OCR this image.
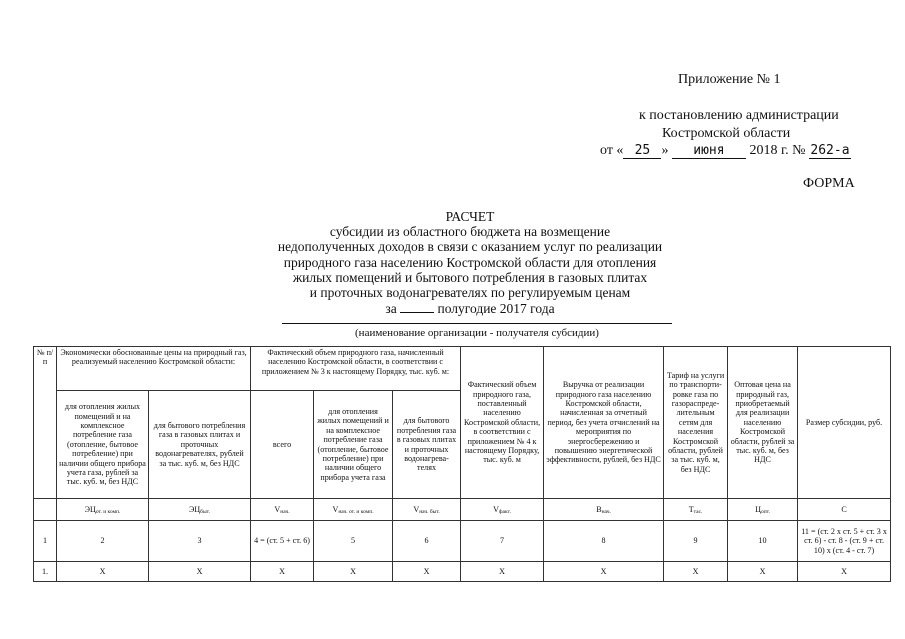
Приложение № 1
к постановлению администрации
Костромской области
от « 25 » июня 2018 г. № 262-а
ФОРМА
РАСЧЕТ
субсидии из областного бюджета на возмещение
недополученных доходов в связи с оказанием услуг по реализации
природного газа населению Костромской области для отопления
жилых помещений и бытового потребления в газовых плитах
и проточных водонагревателях по регулируемым ценам
за	полугодие 2017 года
(наименование организации - получателя субсидии)
№ п/п	Экономически обоснованные цены на природный газ, реализуемый населению Костромской области:		Фактический объем природного газа, начисленный населению Костромской области, в соответствии с приложением № 3 к настоящему Порядку, тыс. куб. м:			Фактический объем природного газа, поставленный населению Костромской области, в соответствии с приложением № 4 к настоящему Порядку, тыс. куб. м	Выручка от реализации природного газа населению Костромской области, начисленная за отчетный период, без учета отчислений на мероприятия по энергосбережению и повышению энергетической эффективности, рублей, без НДС	Тариф на услуги по транспорти-ровке газа по газораспреде-лительным сетям для населения Костромской области, рублей за тыс. куб. м, без НДС	Оптовая цена на природный газ, приобретаемый для реализации населению Костромской области, рублей за тыс. куб. м, без НДС	Размер субсидии, руб.
	для отопления жилых помещений и на комплексное потребление газа (отопление, бытовое потребление) при наличии общего прибора учета газа, рублей за тыс. куб. м, без НДС	для бытового потребления газа в газовых плитах и проточных водонагревателях, рублей за тыс. куб. м, без НДС	всего	для отопления жилых помещений и на комплексное потребление газа (отопление, бытовое потребление) при наличии общего прибора учета газа	для бытового потребления газа в газовых плитах и проточных водонагрева-телях					
	$ЭЦ_{от. и комп.}$	$ЭЦ_{быт.}$	$V_{нач.}$	$V_{нач. от. и комп.}$	$V_{нач. быт.}$	$V_{факт.}$	$В_{нач.}$	$Т_{тас.}$	$Ц_{опт.}$	С
1	2	3	4 = (ст. 5 + ст. 6)	5	6	7	8	9	10	11 = (ст. 2 х ст. 5 + ст. 3 х ст. 6) - ст. 8 - (ст. 9 + ст. 10) х (ст. 4 - ст. 7)
1.	X	X	X	X	X	X	X	X	X	X
